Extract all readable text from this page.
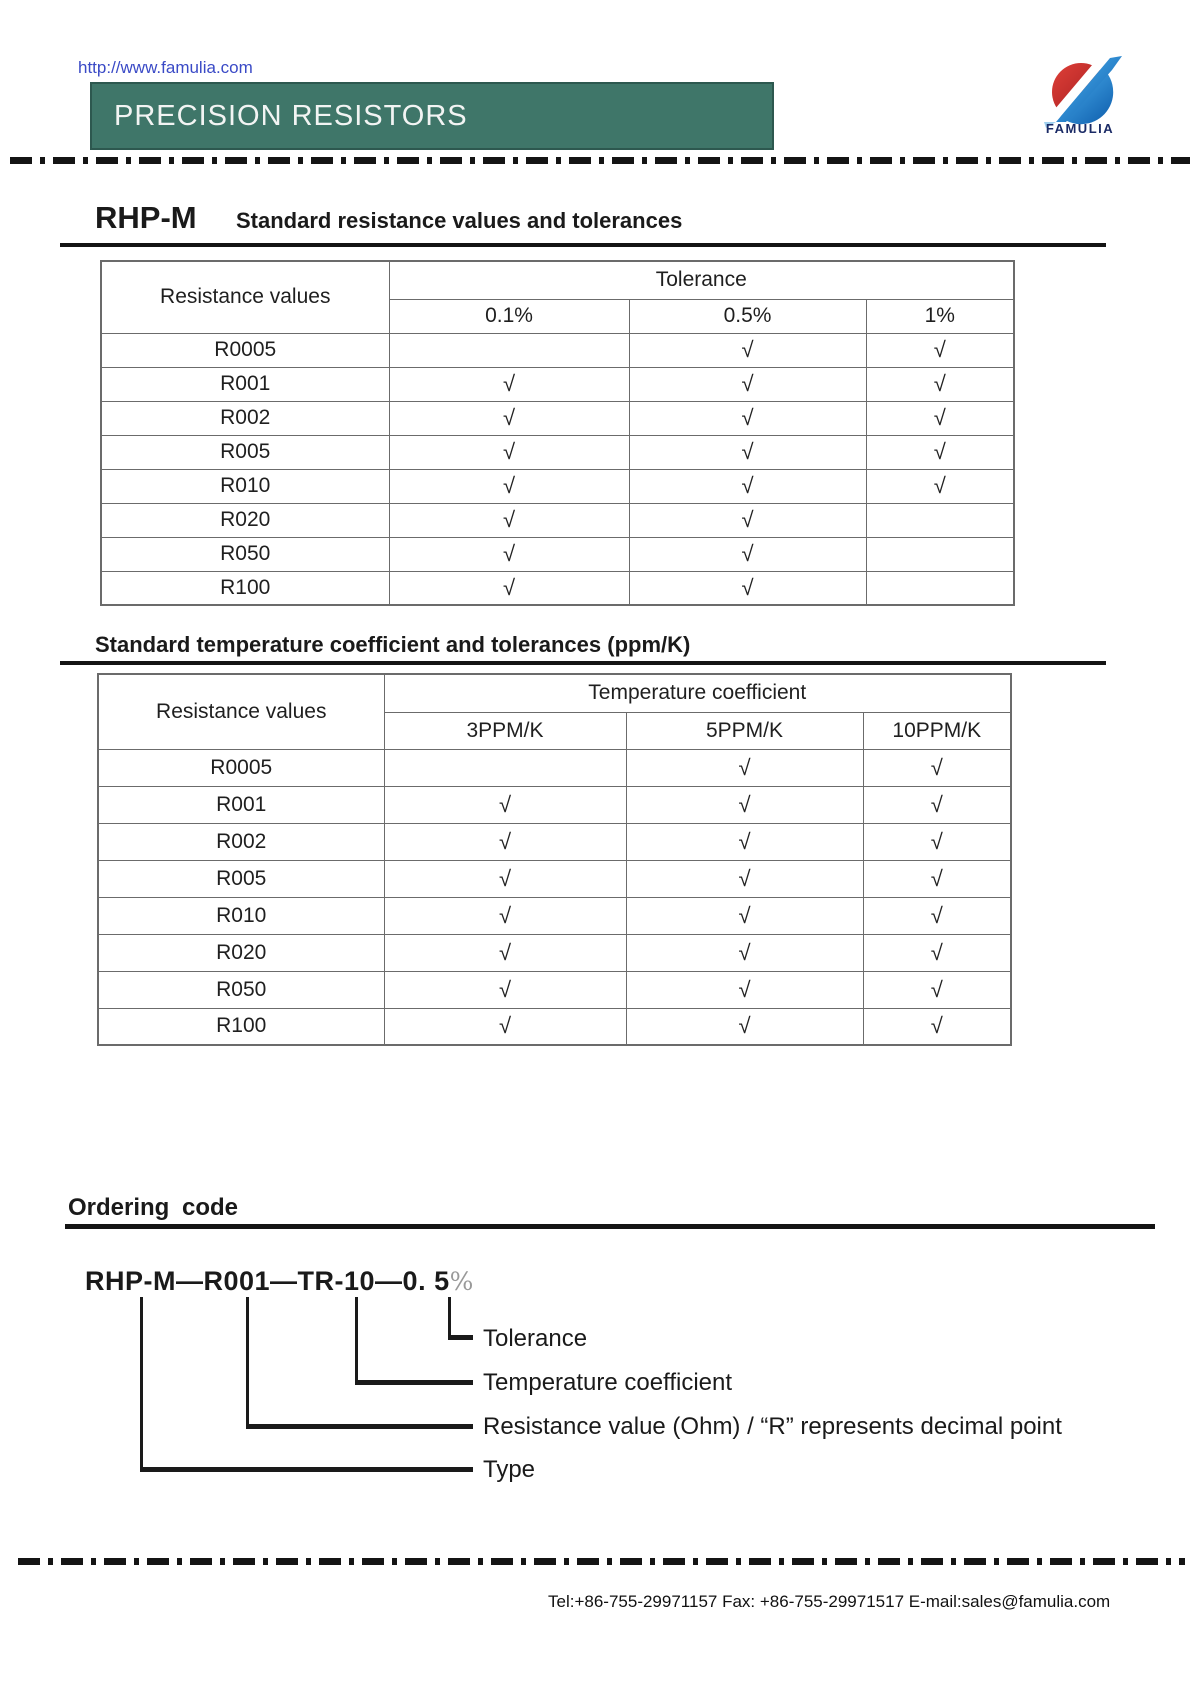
http://www.famulia.com
PRECISION RESISTORS	FAMULIA
RHP-M Standard resistance values and tolerances
Resistance values	Tolerance		
	0.1%	0.5%	1%
R0005		√	√
R001	√	√	√
R002	√	√	√
R005	√	√	√
R010	√	√	√
R020	√	√	
R050	√	√	
R100	√	√	
Standard temperature coefficient and tolerances (ppm/K)
Resistance values	Temperature coefficient		
	3PPM/K	5PPM/K	10PPM/K
R0005		√	√
R001	√	√	√
R002	√	√	√
R005	√	√	√
R010	√	√	√
R020	√	√	√
R050	√	√	√
R100	√	√	√
Ordering code
RHP-M—R001—TR-10—0. 5%
Tolerance
Temperature coefficient
Resistance value (Ohm) / “R” represents decimal point
Type
Tel:+86-755-29971157 Fax: +86-755-29971517 E-mail:sales@famulia.com
